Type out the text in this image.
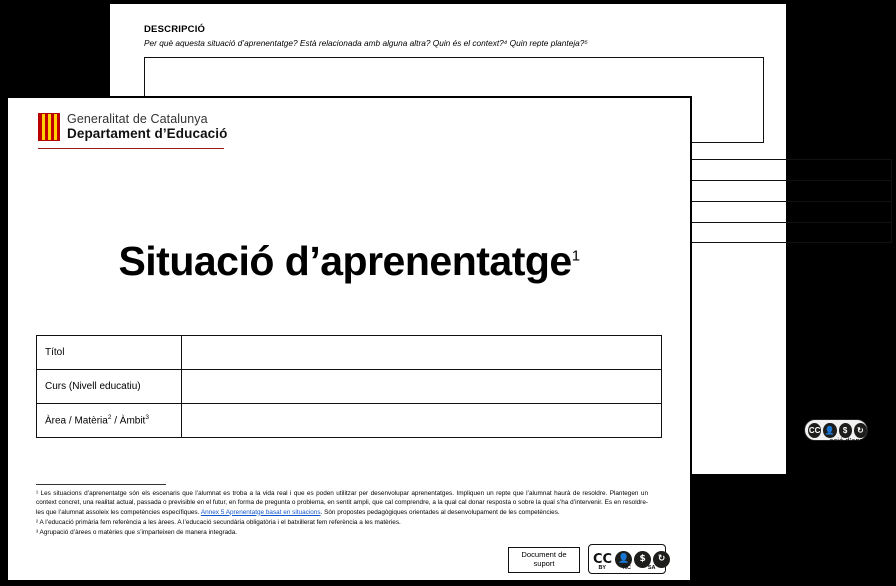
DESCRIPCIÓ
Per què aquesta situació d’aprenentatge? Està relacionada amb alguna altra? Quin és el context?⁴ Quin repte planteja?⁵
ania, problemàtica r un agent extern,
CC 👤	$	↻
ació d’aprenentatge
Pàgina 2/5
Generalitat de Catalunya
Departament d’Educació
Situació d’aprenentatge$^1$
Títol	
Curs (Nivell educatiu)	
Àrea / Matèria$^2$ / Àmbit$^3$	

¹ Les situacions d’aprenentatge són els escenaris que l’alumnat es troba a la vida real i que es poden utilitzar per desenvolupar aprenentatges. Impliquen un repte que l’alumnat haurà de resoldre. Plantegen un context concret, una realitat actual, passada o previsible en el futur, en forma de pregunta o problema, en sentit ampli, que cal comprendre, a la qual cal donar resposta o sobre la qual s’ha d’intervenir. Es en resoldre-les que l’alumnat assoleix les competències específiques. Annex 5 Aprenentatge basat en situacions. Són propostes pedagògiques orientades al desenvolupament de les competències.

² A l’educació primària fem referència a les àrees. A l’educació secundària obligatòria i el batxillerat fem referència a les matèries.

³ Agrupació d’àrees o matèries que s’imparteixen de manera integrada.

Document de
suport	CC 👤	$	↻
BY	NC	SA
